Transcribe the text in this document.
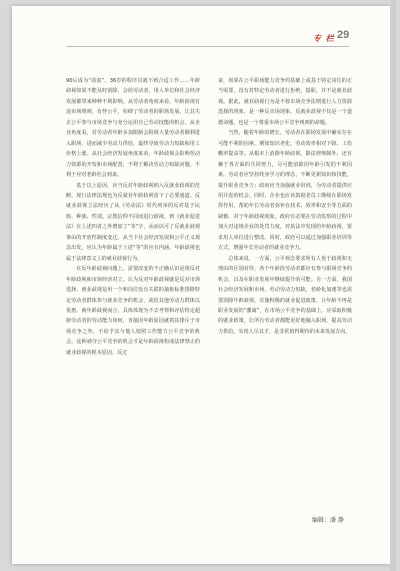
专 栏 29

90后成为“前浪”，36岁的程序员就不到合适工作……年龄歧视如果不能及时消除，会给劳动者、用人单位和社会经济发展都带来种种不利影响。从劳动者角度来看，年龄歧视有违市场规则，有悖公平，妨碍了劳动者的职场发展，让其失去公平参与市场竞争与充分运用自己劳动技能的机会。从企业角度看，对劳动者年龄多加限制会阻碍大量劳动者顺利进入职场，进而减少劳动力供给，最终导致劳动力短缺和用工价格上涨。从社会经济发展角度来看，年龄歧视会影响劳动力资源的开发和市场配置，不利于解决劳动力短缺问题，不利于应对老龄社会到来。

基于以上原因，应当反对年龄歧视纳入反就业歧视的范畴。现行法律法规也为反就业年龄歧视留下了必要通道。反就业歧视立法经历了从《劳动法》时代列举的反对基于民族、种族、性别、宗教信仰不同而进行歧视，到《就业促进法》在上述四者之外增加了“等”字，从而以可了反就业歧视事由的开放性制度变迁。从当下社会经济发展和公平正义观念出发，应认为年龄属于上述“等”的应有内涵，年龄歧视也属于法律意义上的就业歧视行为。

在反年龄歧视问题上，需要改变的不正确认识是将反对年龄歧视和市场经济对立。认为反对年龄歧视就是反对市场选择。就业歧视是用一个和岗位没有关联的抽象标准排除特定劳动者群体参与就业竞争的机会，或给其他劳动力群体以优惠。就年龄歧视而言，具体体现为不去考察和评估特定超龄劳动者的劳动能力如何，直接因年龄原因就将其排斥于市场竞争之外，不给予其与他人按照工作能力公平竞争的机会。这种剥夺公平竞争的机会才是年龄歧视构成法律禁止的就业歧视的根本原因。反过

来，如果在公平职场能力竞争的基础上或基于特定岗位的正当需要，没有对特定劳动者进行拒绝，提职，并不是就业歧视。据此，就业歧视行为是不按市场竞争法则进行人力资源选择的现象，是一种反市场现象。反就业歧视不仅是一个道德命题，也是一个尊重市场公平竞争规则的命题。

当然，随着年龄的增长，劳动者在职场发展中确实存在可能不利的因素，例如知识老化、劳动效率相对下降、工伤概率提高等。从根本上消除年龄歧视，除法律规制外，还有赖于各方面的共同努力，尽可能消除因年龄引发的不利因素。劳动者应坚持终身学习的理念，不断更新知识和技能，提升职业竞争力；政府应当加强就业培训，为劳动者提供应用并进的机会。同时，企业也应该鼓励老员工继续在职场发挥作用，帮助年长劳动者弥补在技术、效率和安全等方面的缺憾。对于年龄歧视现象，政府有必要在劳动监察的过程中加大对违规企业的处罚力度，对执法中发现的年龄歧视，要求用人单位进行整改。同时，政府可以通过加强职业培训等方式，增强年长劳动者的就业竞争力。

总体来说，一方面，公平观念要求所有人免于歧视和无理由的区别对待，各个年龄段劳动者都应有参与职场竞争的机会，以及在职业发展中继续提升的可能；另一方面，我国社会经济发展和市场，劳动劳动力短缺，老龄化加速等也需要消除年龄歧视，实施积极的就业促进政策。让年龄不再是职业发展的“藩篱”，在市场公平竞争的基础上，应采取积极的就业政策，让所有劳动者都能更好地融入职场，提高劳动力供给，实现人尽其才，是非常值得期待的未来发展方向。

编辑：潘 静
